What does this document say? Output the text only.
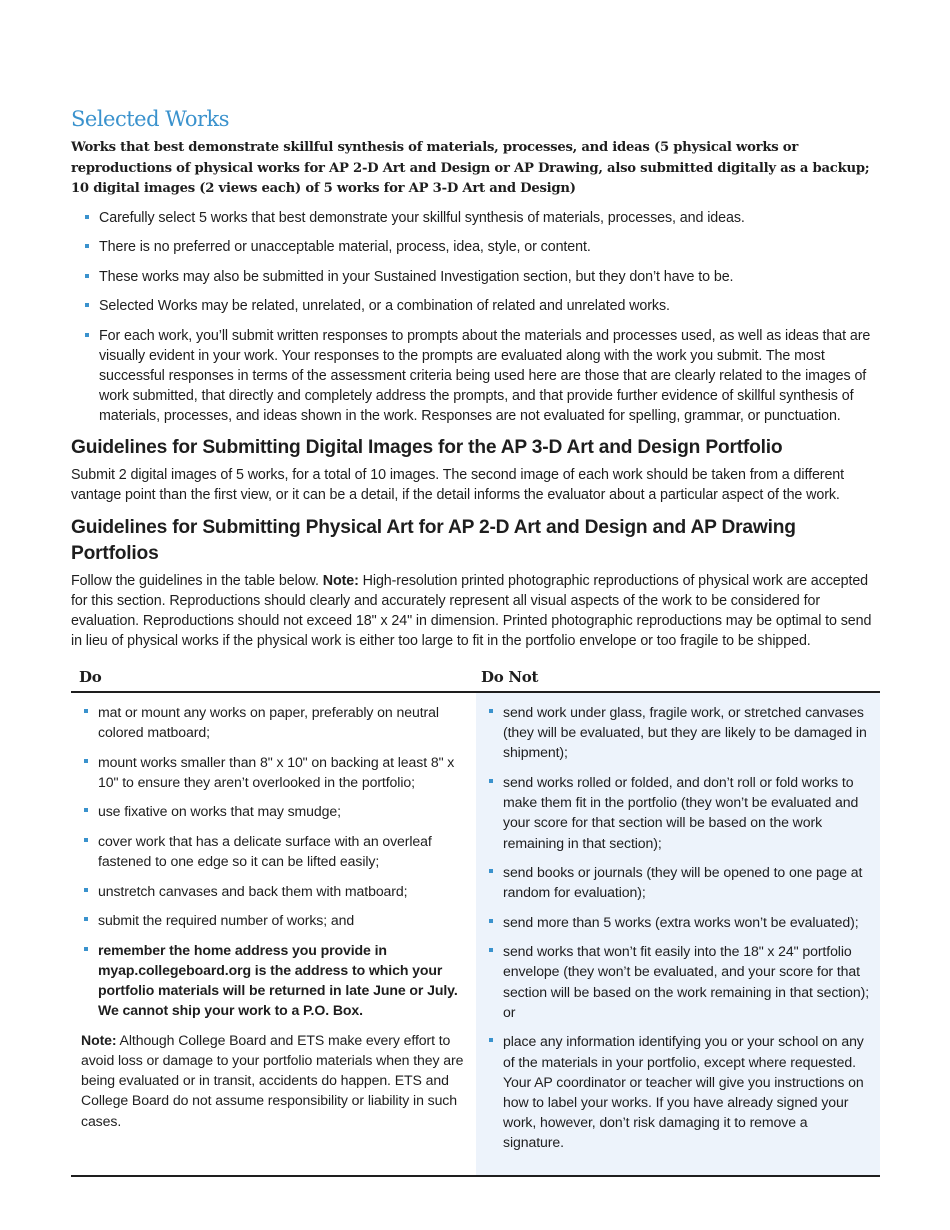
Selected Works

Works that best demonstrate skillful synthesis of materials, processes, and ideas (5 physical works or reproductions of physical works for AP 2-D Art and Design or AP Drawing, also submitted digitally as a backup; 10 digital images (2 views each) of 5 works for AP 3-D Art and Design)

Carefully select 5 works that best demonstrate your skillful synthesis of materials, processes, and ideas.
There is no preferred or unacceptable material, process, idea, style, or content.
These works may also be submitted in your Sustained Investigation section, but they don’t have to be.
Selected Works may be related, unrelated, or a combination of related and unrelated works.
For each work, you’ll submit written responses to prompts about the materials and processes used, as well as ideas that are visually evident in your work. Your responses to the prompts are evaluated along with the work you submit. The most successful responses in terms of the assessment criteria being used here are those that are clearly related to the images of work submitted, that directly and completely address the prompts, and that provide further evidence of skillful synthesis of materials, processes, and ideas shown in the work. Responses are not evaluated for spelling, grammar, or punctuation.
Guidelines for Submitting Digital Images for the AP 3-D Art and Design Portfolio

Submit 2 digital images of 5 works, for a total of 10 images. The second image of each work should be taken from a different vantage point than the first view, or it can be a detail, if the detail informs the evaluator about a particular aspect of the work.

Guidelines for Submitting Physical Art for AP 2-D Art and Design and AP Drawing Portfolios

Follow the guidelines in the table below. Note: High-resolution printed photographic reproductions of physical work are accepted for this section. Reproductions should clearly and accurately represent all visual aspects of the work to be considered for evaluation. Reproductions should not exceed 18" x 24" in dimension. Printed photographic reproductions may be optimal to send in lieu of physical works if the physical work is either too large to fit in the portfolio envelope or too fragile to be shipped.

Do	Do Not
mat or mount any works on paper, preferably on neutral colored matboard;
mount works smaller than 8" x 10" on backing at least 8" x 10" to ensure they aren’t overlooked in the portfolio;
use fixative on works that may smudge;
cover work that has a delicate surface with an overleaf fastened to one edge so it can be lifted easily;
unstretch canvases and back them with matboard;
submit the required number of works; and
remember the home address you provide in myap.collegeboard.org is the address to which your portfolio materials will be returned in late June or July. We cannot ship your work to a P.O. Box.

Note: Although College Board and ETS make every effort to avoid loss or damage to your portfolio materials when they are being evaluated or in transit, accidents do happen. ETS and College Board do not assume responsibility or liability in such cases.

send work under glass, fragile work, or stretched canvases (they will be evaluated, but they are likely to be damaged in shipment);
send works rolled or folded, and don’t roll or fold works to make them fit in the portfolio (they won’t be evaluated and your score for that section will be based on the work remaining in that section);
send books or journals (they will be opened to one page at random for evaluation);
send more than 5 works (extra works won’t be evaluated);
send works that won’t fit easily into the 18" x 24" portfolio envelope (they won’t be evaluated, and your score for that section will be based on the work remaining in that section); or
place any information identifying you or your school on any of the materials in your portfolio, except where requested. Your AP coordinator or teacher will give you instructions on how to label your works. If you have already signed your work, however, don’t risk damaging it to remove a signature.
